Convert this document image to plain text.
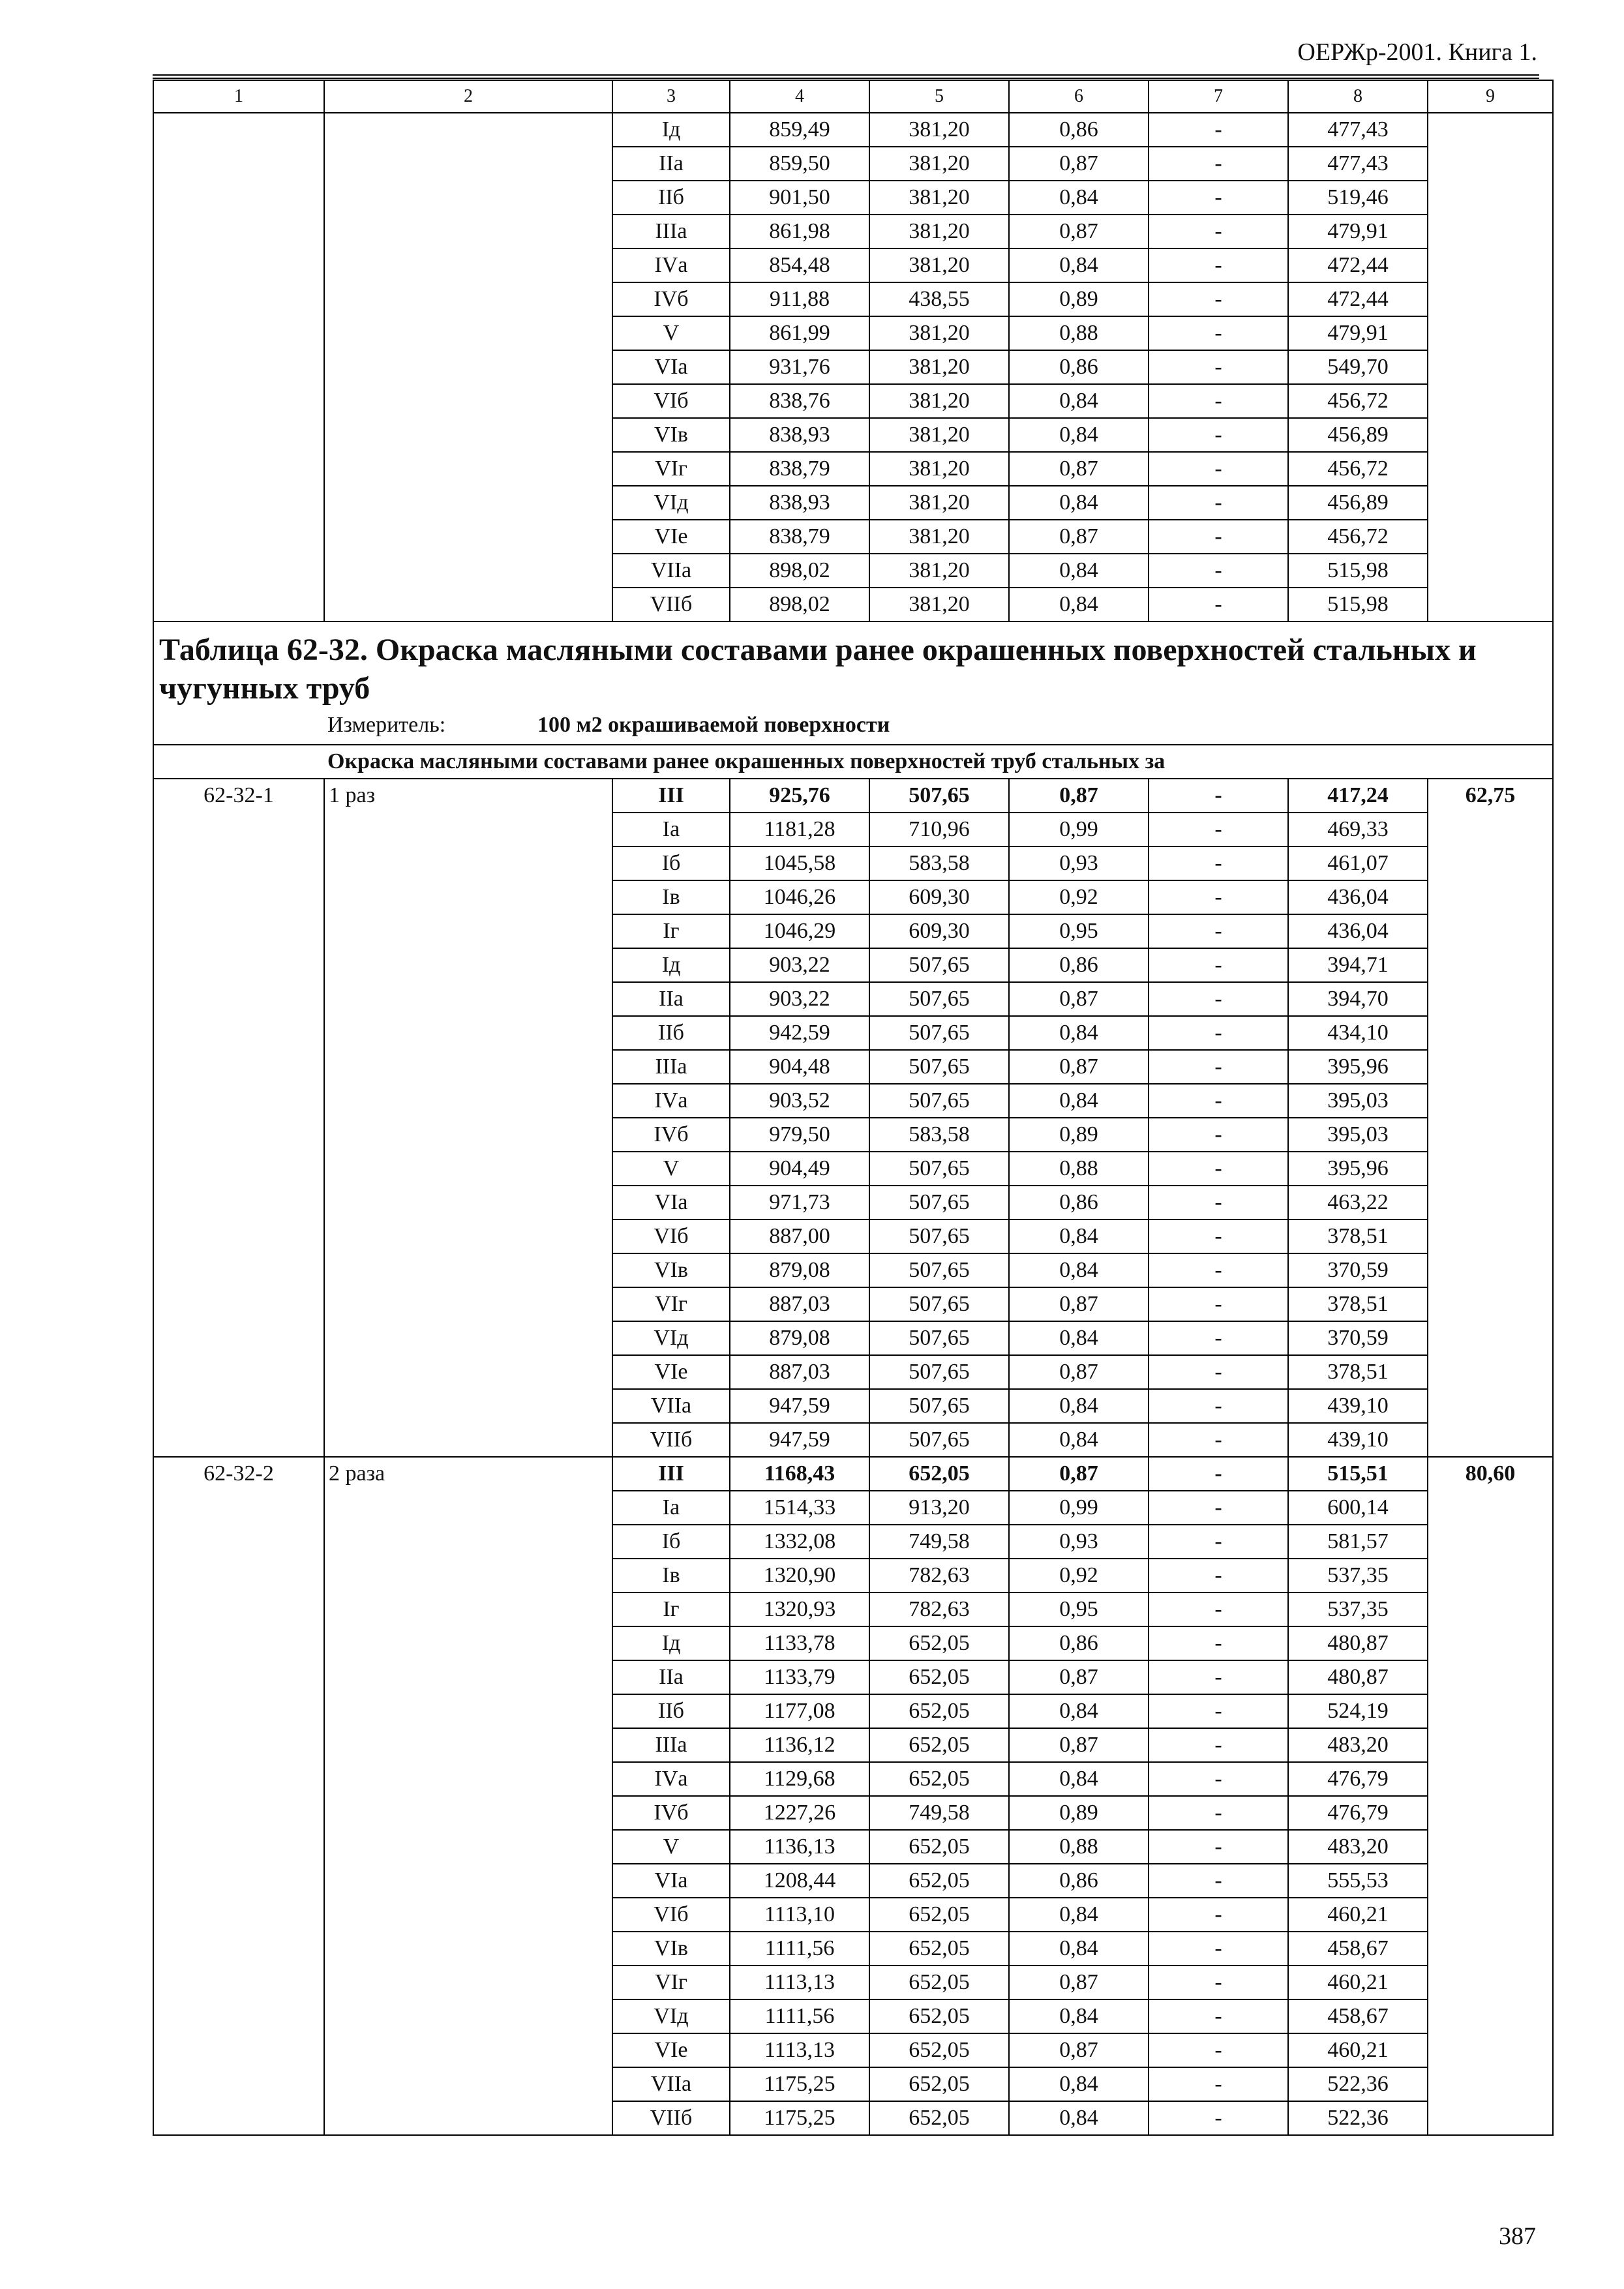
ОЕРЖр-2001. Книга 1.
1	2	3	4	5	6	7	8	9
		Iд	859,49	381,20	0,86	-	477,43	
		IIа	859,50	381,20	0,87	-	477,43	
		IIб	901,50	381,20	0,84	-	519,46	
		IIIа	861,98	381,20	0,87	-	479,91	
		IVа	854,48	381,20	0,84	-	472,44	
		IVб	911,88	438,55	0,89	-	472,44	
		V	861,99	381,20	0,88	-	479,91	
		VIа	931,76	381,20	0,86	-	549,70	
		VIб	838,76	381,20	0,84	-	456,72	
		VIв	838,93	381,20	0,84	-	456,89	
		VIг	838,79	381,20	0,87	-	456,72	
		VIд	838,93	381,20	0,84	-	456,89	
		VIе	838,79	381,20	0,87	-	456,72	
		VIIа	898,02	381,20	0,84	-	515,98	
		VIIб	898,02	381,20	0,84	-	515,98	

Таблица 62-32. Окраска масляными составами ранее окрашенных поверхностей стальных и чугунных труб
Измеритель: 100 м2 окрашиваемой поверхности								

Окраска масляными составами ранее окрашенных поверхностей труб стальных за								
62-32-1	1 раз	III	925,76	507,65	0,87	-	417,24	62,75
		Iа	1181,28	710,96	0,99	-	469,33	
		Iб	1045,58	583,58	0,93	-	461,07	
		Iв	1046,26	609,30	0,92	-	436,04	
		Iг	1046,29	609,30	0,95	-	436,04	
		Iд	903,22	507,65	0,86	-	394,71	
		IIа	903,22	507,65	0,87	-	394,70	
		IIб	942,59	507,65	0,84	-	434,10	
		IIIа	904,48	507,65	0,87	-	395,96	
		IVа	903,52	507,65	0,84	-	395,03	
		IVб	979,50	583,58	0,89	-	395,03	
		V	904,49	507,65	0,88	-	395,96	
		VIа	971,73	507,65	0,86	-	463,22	
		VIб	887,00	507,65	0,84	-	378,51	
		VIв	879,08	507,65	0,84	-	370,59	
		VIг	887,03	507,65	0,87	-	378,51	
		VIд	879,08	507,65	0,84	-	370,59	
		VIе	887,03	507,65	0,87	-	378,51	
		VIIа	947,59	507,65	0,84	-	439,10	
		VIIб	947,59	507,65	0,84	-	439,10	
62-32-2	2 раза	III	1168,43	652,05	0,87	-	515,51	80,60
		Iа	1514,33	913,20	0,99	-	600,14	
		Iб	1332,08	749,58	0,93	-	581,57	
		Iв	1320,90	782,63	0,92	-	537,35	
		Iг	1320,93	782,63	0,95	-	537,35	
		Iд	1133,78	652,05	0,86	-	480,87	
		IIа	1133,79	652,05	0,87	-	480,87	
		IIб	1177,08	652,05	0,84	-	524,19	
		IIIа	1136,12	652,05	0,87	-	483,20	
		IVа	1129,68	652,05	0,84	-	476,79	
		IVб	1227,26	749,58	0,89	-	476,79	
		V	1136,13	652,05	0,88	-	483,20	
		VIа	1208,44	652,05	0,86	-	555,53	
		VIб	1113,10	652,05	0,84	-	460,21	
		VIв	1111,56	652,05	0,84	-	458,67	
		VIг	1113,13	652,05	0,87	-	460,21	
		VIд	1111,56	652,05	0,84	-	458,67	
		VIе	1113,13	652,05	0,87	-	460,21	
		VIIа	1175,25	652,05	0,84	-	522,36	
		VIIб	1175,25	652,05	0,84	-	522,36	
387
